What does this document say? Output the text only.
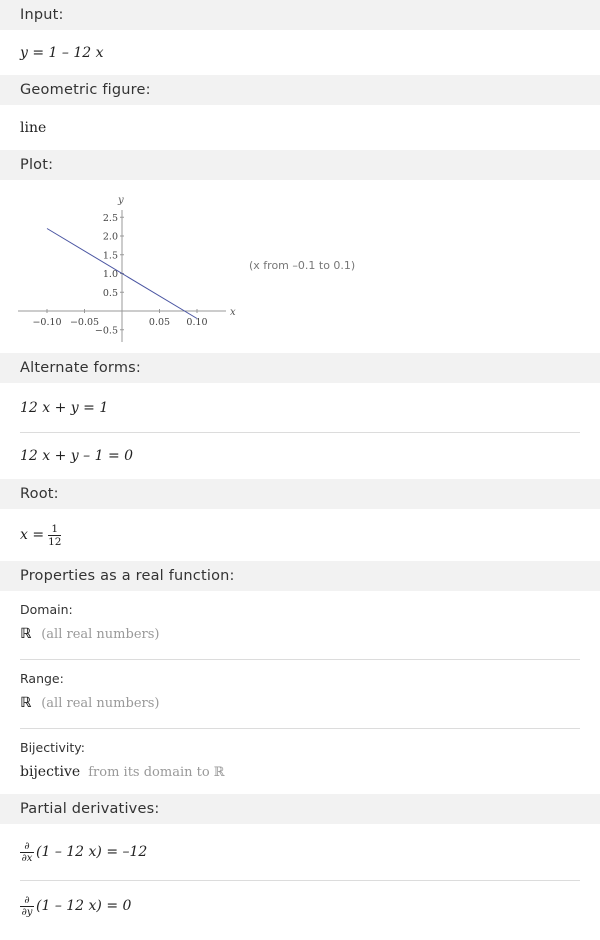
Input:
y = 1 – 12 x
Geometric figure:
line
Plot:
x
y
−0.10 −0.05	0.05 0.10
−0.5
0.5
1.0
1.5
2.0
2.5
(x from –0.1 to 0.1)
Alternate forms:
12 x + y = 1
12 x + y – 1 = 0
Root:
$x = \frac{1}{12}$
Properties as a real function:
Domain:
ℝ (all real numbers)
Range:
ℝ (all real numbers)
Bijectivity:
bijective from its domain to ℝ
Partial derivatives:
∂
∂x (1 – 12 x) = –12
∂
∂y (1 – 12 x) = 0
